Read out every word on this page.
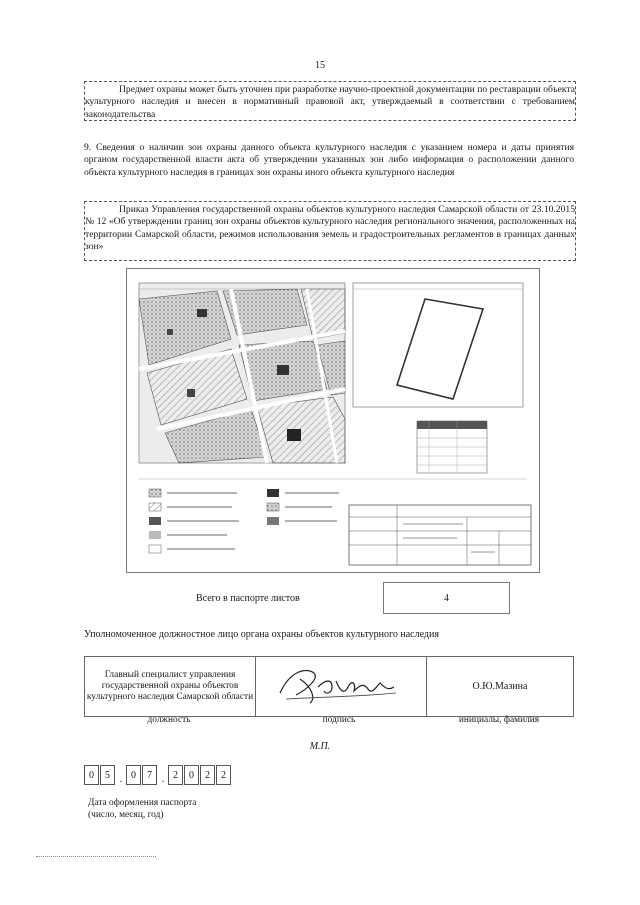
15

Предмет охраны может быть уточнен при разработке научно-проектной документации по реставрации объекта культурного наследия и внесен в нормативный правовой акт, утверждаемый в соответствии с требованием законодательства

9. Сведения о наличии зон охраны данного объекта культурного наследия с указанием номера и даты принятия органом государственной власти акта об утверждении указанных зон либо информация о расположении данного объекта культурного наследия в границах зон охраны иного объекта культурного наследия

Приказ Управления государственной охраны объектов культурного наследия Самарской области от 23.10.2015 № 12 «Об утверждении границ зон охраны объектов культурного наследия регионального значения, расположенных на территории Самарской области, режимов использования земель и градостроительных регламентов в границах данных зон»

Всего в паспорте листов	4
Уполномоченное должностное лицо органа охраны объектов культурного наследия
Главный специалист управления государственной охраны объектов культурного наследия Самарской области

О.Ю.Мазина
должность	подпись	инициалы, фамилия
М.П.
0	5 . 0	7 . 2	0	2	2
Дата оформления паспорта
(число, месяц, год)
